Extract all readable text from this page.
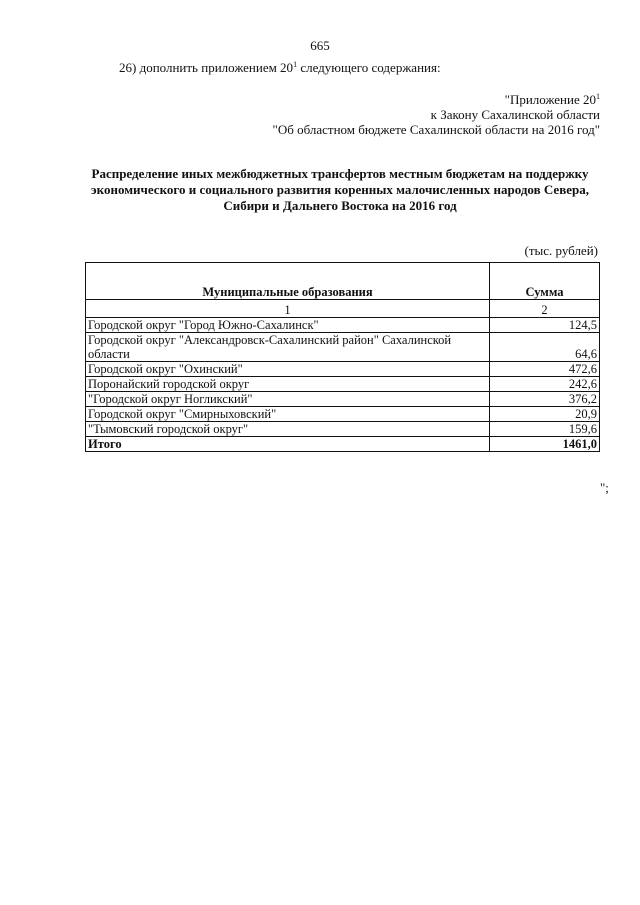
665
26) дополнить приложением $20^1$ следующего содержания:
"Приложение $20^1$
к Закону Сахалинской области
"Об областном бюджете Сахалинской области на 2016 год"
Распределение иных межбюджетных трансфертов местным бюджетам на поддержку
экономического и социального развития коренных малочисленных народов Севера,
Сибири и Дальнего Востока на 2016 год
(тыс. рублей)
Муниципальные образования	Сумма
1	2
Городской округ "Город Южно-Сахалинск"	124,5
Городской округ "Александровск-Сахалинский район" Сахалинской области	64,6
Городской округ "Охинский"	472,6
Поронайский городской округ	242,6
"Городской округ Ногликский"	376,2
Городской округ "Смирныховский"	20,9
"Тымовский городской округ"	159,6
Итого	1461,0
";
